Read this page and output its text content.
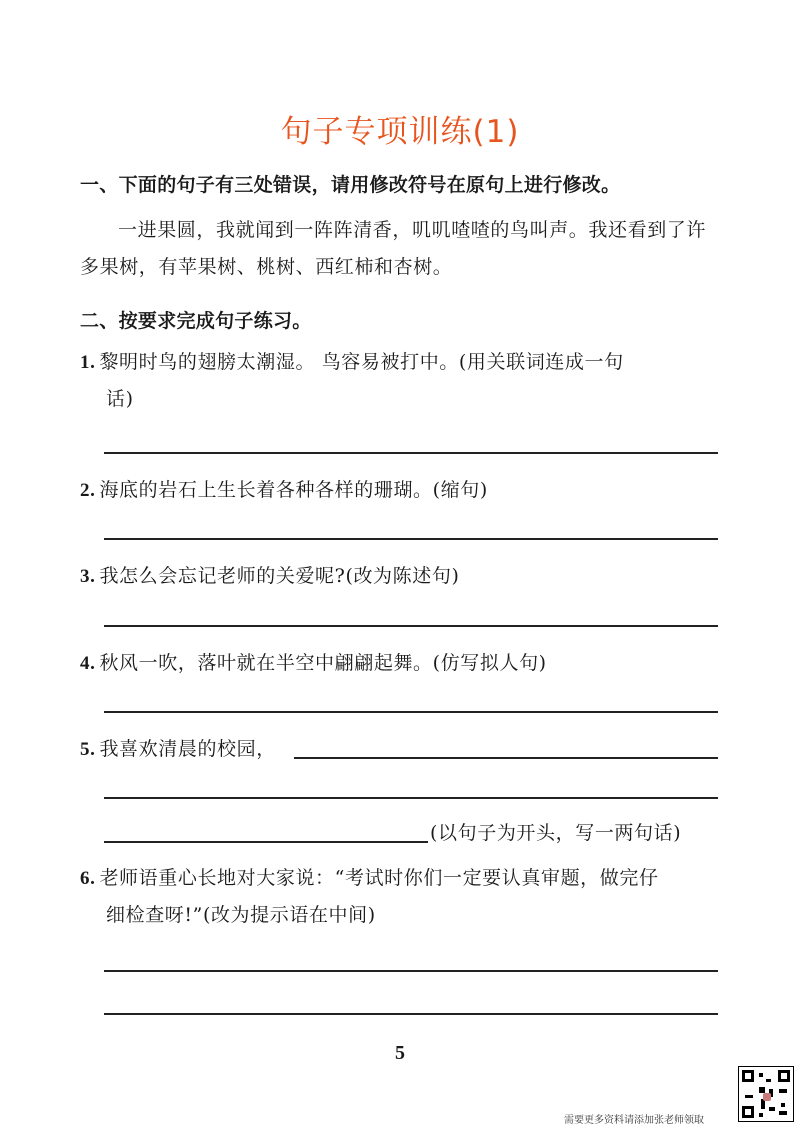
句子专项训练(1)
一、下面的句子有三处错误，请用修改符号在原句上进行修改。
一进果圆，我就闻到一阵阵清香，叽叽喳喳的鸟叫声。我还看到了许多果树，有苹果树、桃树、西红柿和杏树。
二、按要求完成句子练习。
1. 黎明时鸟的翅膀太潮湿。 鸟容易被打中。(用关联词连成一句
话)
2. 海底的岩石上生长着各种各样的珊瑚。(缩句)
3. 我怎么会忘记老师的关爱呢?(改为陈述句)
4. 秋风一吹，落叶就在半空中翩翩起舞。(仿写拟人句)
5. 我喜欢清晨的校园，
(以句子为开头，写一两句话)
6. 老师语重心长地对大家说：“考试时你们一定要认真审题，做完仔
细检查呀!”(改为提示语在中间)
5
需要更多资料请添加张老师领取
